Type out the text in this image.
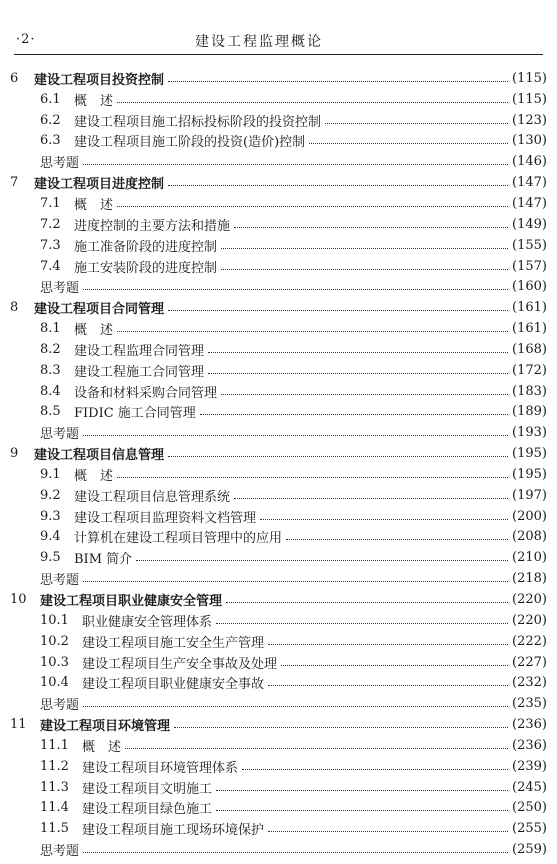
·2·	建设工程监理概论
6	建设工程项目投资控制	(115)
6.1	概　述	(115)
6.2	建设工程项目施工招标投标阶段的投资控制	(123)
6.3	建设工程项目施工阶段的投资(造价)控制	(130)
思考题	(146)
7	建设工程项目进度控制	(147)
7.1	概　述	(147)
7.2	进度控制的主要方法和措施	(149)
7.3	施工准备阶段的进度控制	(155)
7.4	施工安装阶段的进度控制	(157)
思考题	(160)
8	建设工程项目合同管理	(161)
8.1	概　述	(161)
8.2	建设工程监理合同管理	(168)
8.3	建设工程施工合同管理	(172)
8.4	设备和材料采购合同管理	(183)
8.5	FIDIC 施工合同管理	(189)
思考题	(193)
9	建设工程项目信息管理	(195)
9.1	概　述	(195)
9.2	建设工程项目信息管理系统	(197)
9.3	建设工程项目监理资料文档管理	(200)
9.4	计算机在建设工程项目管理中的应用	(208)
9.5	BIM 简介	(210)
思考题	(218)
10	建设工程项目职业健康安全管理	(220)
10.1	职业健康安全管理体系	(220)
10.2	建设工程项目施工安全生产管理	(222)
10.3	建设工程项目生产安全事故及处理	(227)
10.4	建设工程项目职业健康安全事故	(232)
思考题	(235)
11	建设工程项目环境管理	(236)
11.1	概　述	(236)
11.2	建设工程项目环境管理体系	(239)
11.3	建设工程项目文明施工	(245)
11.4	建设工程项目绿色施工	(250)
11.5	建设工程项目施工现场环境保护	(255)
思考题	(259)
